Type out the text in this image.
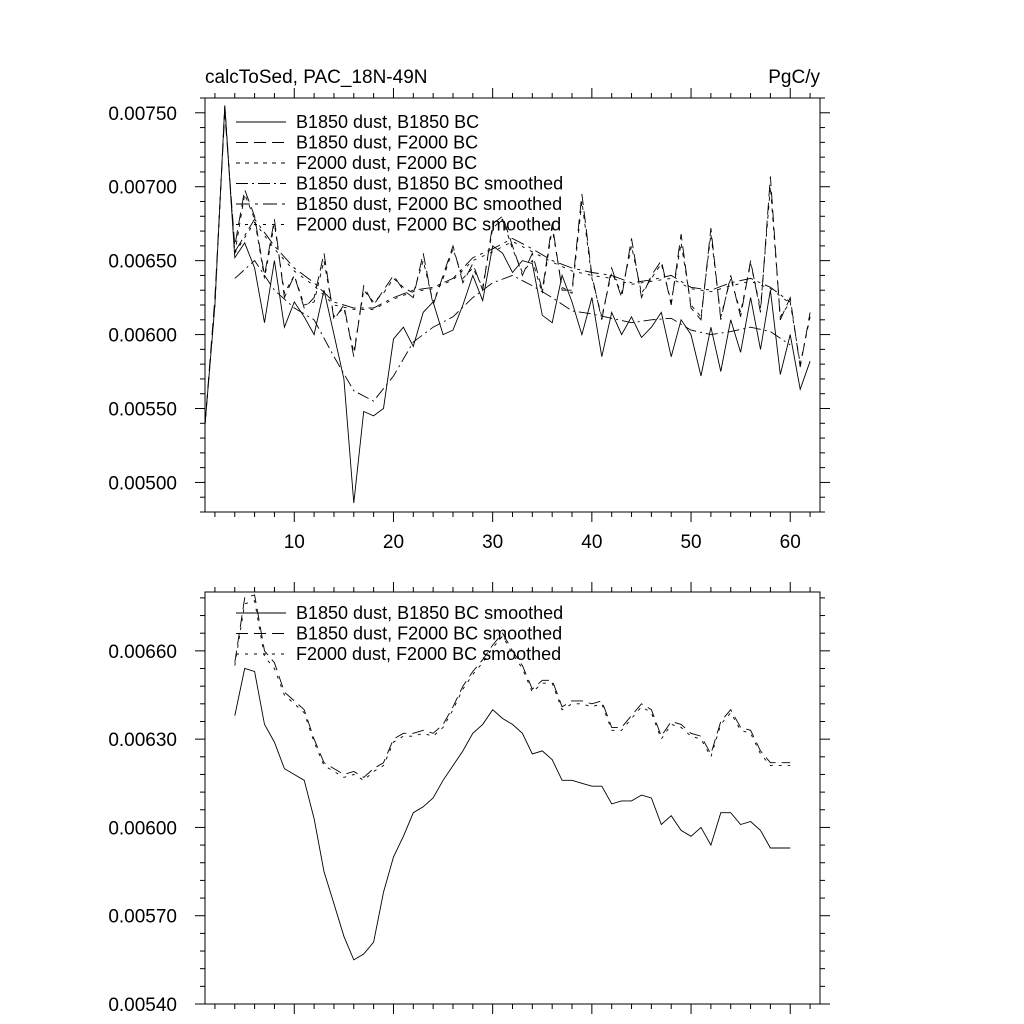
10	20	30	40	50	60
0.00500
0.00550
0.00600
0.00650
0.00700
0.00750
calcToSed, PAC_18N-49N	PgC/y
B1850 dust, B1850 BC
B1850 dust, F2000 BC
F2000 dust, F2000 BC
B1850 dust, B1850 BC smoothed
B1850 dust, F2000 BC smoothed
F2000 dust, F2000 BC smoothed
0.00540
0.00570
0.00600
0.00630
0.00660
B1850 dust, B1850 BC smoothed
B1850 dust, F2000 BC smoothed
F2000 dust, F2000 BC smoothed
